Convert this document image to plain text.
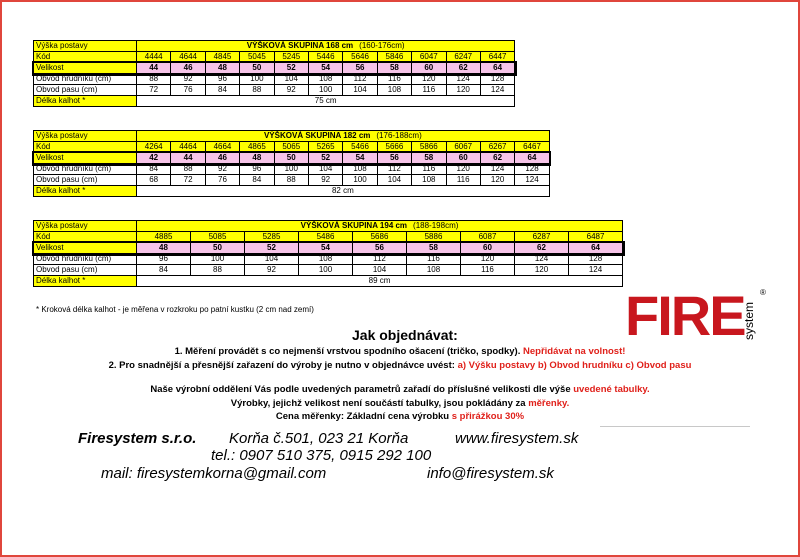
Výška postavy	VÝŠKOVÁ SKUPINA 168 cm (160-176cm)										
Kód	4444	4644	4845	5045	5245	5446	5646	5846	6047	6247	6447
Velikost	44	46	48	50	52	54	56	58	60	62	64
Obvod hrudníku (cm)	88	92	96	100	104	108	112	116	120	124	128
Obvod pasu (cm)	72	76	84	88	92	100	104	108	116	120	124
Délka kalhot *	75 cm										
Výška postavy	VÝŠKOVÁ SKUPINA 182 cm (176-188cm)											
Kód	4264	4464	4664	4865	5065	5265	5466	5666	5866	6067	6267	6467
Velikost	42	44	46	48	50	52	54	56	58	60	62	64
Obvod hrudníku (cm)	84	88	92	96	100	104	108	112	116	120	124	128
Obvod pasu (cm)	68	72	76	84	88	92	100	104	108	116	120	124
Délka kalhot *	82 cm											
Výška postavy	VÝŠKOVÁ SKUPINA 194 cm (188-198cm)								
Kód	4885	5085	5285	5486	5686	5886	6087	6287	6487
Velikost	48	50	52	54	56	58	60	62	64
Obvod hrudníku (cm)	96	100	104	108	112	116	120	124	128
Obvod pasu (cm)	84	88	92	100	104	108	116	120	124
Délka kalhot *	89 cm								
* Kroková délka kalhot - je měřena v rozkroku po patní kustku (2 cm nad zemí)	FIRE
system
®
Jak objednávat:
1. Měření provádět s co nejmenší vrstvou spodního ošacení (tričko, spodky). Nepřidávat na volnost!
2. Pro snadnější a přesnější zařazení do výroby je nutno v objednávce uvést: a) Výšku postavy b) Obvod hrudníku c) Obvod pasu
Naše výrobní oddělení Vás podle uvedených parametrů zařadí do příslušné velikosti dle výše uvedené tabulky.
Výrobky, jejichž velikost není součástí tabulky, jsou pokládány za měřenky.
Cena měřenky: Základní cena výrobku s přirážkou 30%
Firesystem s.r.o. Korňa č.501, 023 21 Korňa	www.firesystem.sk
tel.: 0907 510 375, 0915 292 100
mail: firesystemkorna@gmail.com	info@firesystem.sk
